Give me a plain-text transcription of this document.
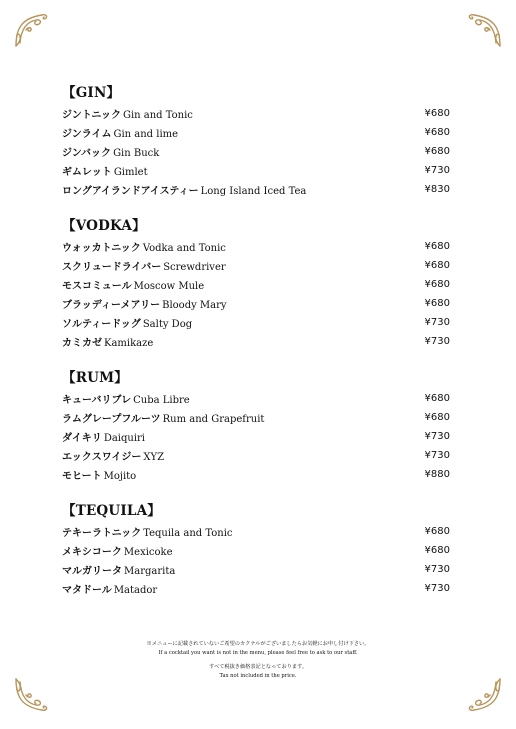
【GIN】
ジントニック Gin and Tonic	¥680
ジンライム Gin and lime	¥680
ジンバック Gin Buck	¥680
ギムレット Gimlet	¥730
ロングアイランドアイスティー Long Island Iced Tea	¥830
【VODKA】
ウォッカトニック Vodka and Tonic	¥680
スクリュードライバー Screwdriver	¥680
モスコミュール Moscow Mule	¥680
ブラッディーメアリー Bloody Mary	¥680
ソルティードッグ Salty Dog	¥730
カミカゼ Kamikaze	¥730
【RUM】
キューバリブレ Cuba Libre	¥680
ラムグレープフルーツ Rum and Grapefruit	¥680
ダイキリ Daiquiri	¥730
エックスワイジー XYZ	¥730
モヒート Mojito	¥880
【TEQUILA】
テキーラトニック Tequila and Tonic	¥680
メキシコーク Mexicoke	¥680
マルガリータ Margarita	¥730
マタドール Matador	¥730
※メニューに記載されていないご希望のカクテルがございましたらお気軽にお申し付け下さい。
If a cocktail you want is not in the menu, please feel free to ask to our staff.
すべて税抜き価格表記となっております。
Tax not included in the price.
